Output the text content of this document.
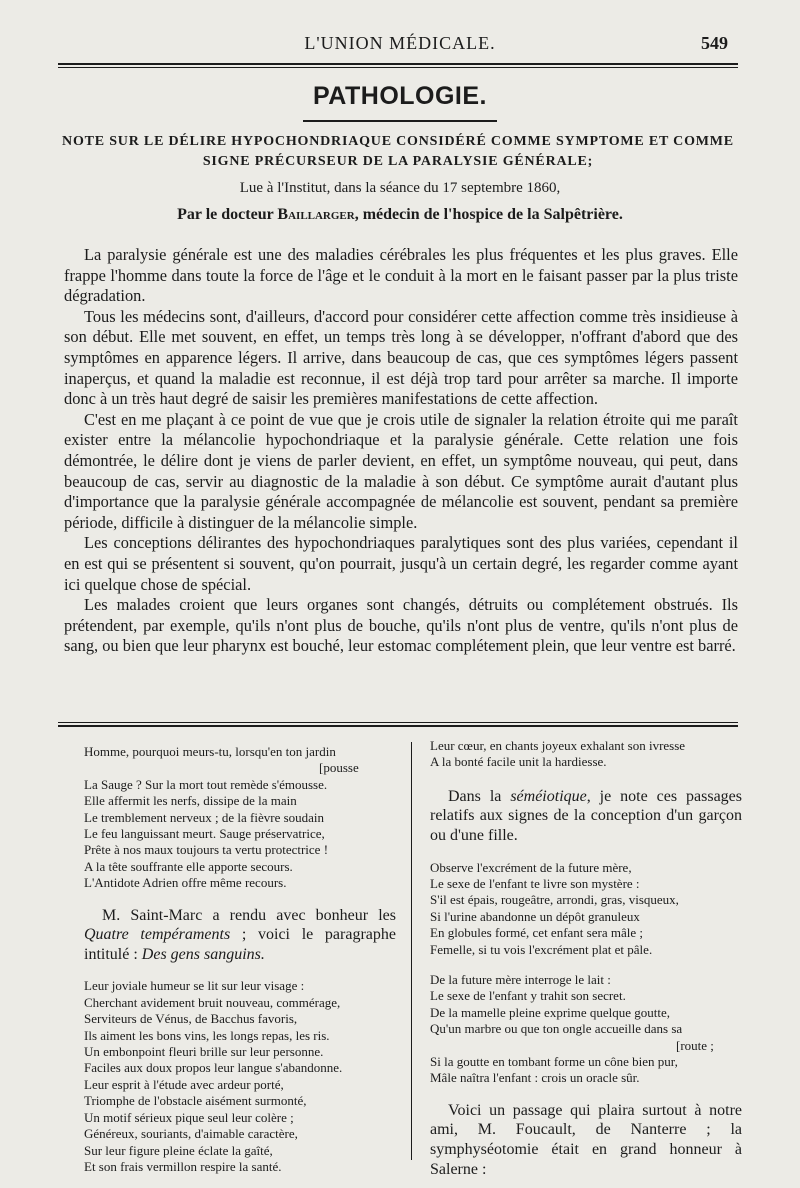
L'UNION MÉDICALE.	549
PATHOLOGIE.
NOTE SUR LE DÉLIRE HYPOCHONDRIAQUE CONSIDÉRÉ COMME SYMPTOME ET COMME
SIGNE PRÉCURSEUR DE LA PARALYSIE GÉNÉRALE;
Lue à l'Institut, dans la séance du 17 septembre 1860,
Par le docteur Baillarger, médecin de l'hospice de la Salpêtrière.

La paralysie générale est une des maladies cérébrales les plus fréquentes et les plus graves. Elle frappe l'homme dans toute la force de l'âge et le conduit à la mort en le faisant passer par la plus triste dégradation.

Tous les médecins sont, d'ailleurs, d'accord pour considérer cette affection comme très insidieuse à son début. Elle met souvent, en effet, un temps très long à se développer, n'offrant d'abord que des symptômes en apparence légers. Il arrive, dans beaucoup de cas, que ces symptômes légers passent inaperçus, et quand la maladie est reconnue, il est déjà trop tard pour arrêter sa marche. Il importe donc à un très haut degré de saisir les premières manifestations de cette affection.

C'est en me plaçant à ce point de vue que je crois utile de signaler la relation étroite qui me paraît exister entre la mélancolie hypochondriaque et la paralysie générale. Cette relation une fois démontrée, le délire dont je viens de parler devient, en effet, un symptôme nouveau, qui peut, dans beaucoup de cas, servir au diagnostic de la maladie à son début. Ce symptôme aurait d'autant plus d'importance que la paralysie générale accompagnée de mélancolie est souvent, pendant sa première période, difficile à distinguer de la mélancolie simple.

Les conceptions délirantes des hypochondriaques paralytiques sont des plus variées, cependant il en est qui se présentent si souvent, qu'on pourrait, jusqu'à un certain degré, les regarder comme ayant ici quelque chose de spécial.

Les malades croient que leurs organes sont changés, détruits ou complétement obstrués. Ils prétendent, par exemple, qu'ils n'ont plus de bouche, qu'ils n'ont plus de ventre, qu'ils n'ont plus de sang, ou bien que leur pharynx est bouché, leur estomac complétement plein, que leur ventre est barré.

Homme, pourquoi meurs-tu, lorsqu'en ton jardin
[pousse
La Sauge ? Sur la mort tout remède s'émousse.
Elle affermit les nerfs, dissipe de la main
Le tremblement nerveux ; de la fièvre soudain
Le feu languissant meurt. Sauge préservatrice,
Prête à nos maux toujours ta vertu protectrice !
A la tête souffrante elle apporte secours.
L'Antidote Adrien offre même recours.

M. Saint-Marc a rendu avec bonheur les Quatre tempéraments ; voici le paragraphe intitulé : Des gens sanguins.

Leur joviale humeur se lit sur leur visage :
Cherchant avidement bruit nouveau, commérage,
Serviteurs de Vénus, de Bacchus favoris,
Ils aiment les bons vins, les longs repas, les ris.
Un embonpoint fleuri brille sur leur personne.
Faciles aux doux propos leur langue s'abandonne.
Leur esprit à l'étude avec ardeur porté,
Triomphe de l'obstacle aisément surmonté,
Un motif sérieux pique seul leur colère ;
Généreux, souriants, d'aimable caractère,
Sur leur figure pleine éclate la gaîté,
Et son frais vermillon respire la santé.
Leur cœur, en chants joyeux exhalant son ivresse
A la bonté facile unit la hardiesse.

Dans la séméiotique, je note ces passages relatifs aux signes de la conception d'un garçon ou d'une fille.

Observe l'excrément de la future mère,
Le sexe de l'enfant te livre son mystère :
S'il est épais, rougeâtre, arrondi, gras, visqueux,
Si l'urine abandonne un dépôt granuleux
En globules formé, cet enfant sera mâle ;
Femelle, si tu vois l'excrément plat et pâle.
De la future mère interroge le lait :
Le sexe de l'enfant y trahit son secret.
De la mamelle pleine exprime quelque goutte,
Qu'un marbre ou que ton ongle accueille dans sa
[route ;
Si la goutte en tombant forme un cône bien pur,
Mâle naîtra l'enfant : crois un oracle sûr.

Voici un passage qui plaira surtout à notre ami, M. Foucault, de Nanterre ; la symphyséotomie était en grand honneur à Salerne :
